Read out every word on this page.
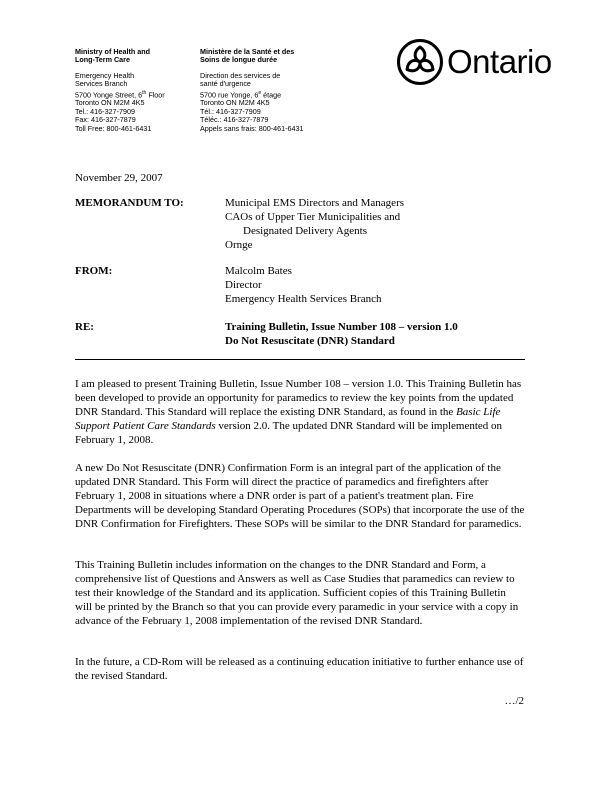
Ministry of Health and
Long-Term Care
Emergency Health
Services Branch
5700 Yonge Street, 6th Floor
Toronto ON M2M 4K5
Tel.: 416-327-7909
Fax: 416-327-7879
Toll Free: 800-461-6431
Ministère de la Santé et des
Soins de longue durée
Direction des services de
santé d'urgence
5700 rue Yonge, 6e étage
Toronto ON M2M 4K5
Tél.: 416-327-7909
Téléc.: 416-327-7879
Appels sans frais: 800-461-6431
Ontario
November 29, 2007
MEMORANDUM TO:	Municipal EMS Directors and Managers
CAOs of Upper Tier Municipalities and
Designated Delivery Agents
Ornge
FROM:	Malcolm Bates
Director
Emergency Health Services Branch
RE:	Training Bulletin, Issue Number 108 – version 1.0
Do Not Resuscitate (DNR) Standard
I am pleased to present Training Bulletin, Issue Number 108 – version 1.0. This Training Bulletin has been developed to provide an opportunity for paramedics to review the key points from the updated DNR Standard. This Standard will replace the existing DNR Standard, as found in the Basic Life Support Patient Care Standards version 2.0. The updated DNR Standard will be implemented on February 1, 2008.
A new Do Not Resuscitate (DNR) Confirmation Form is an integral part of the application of the updated DNR Standard. This Form will direct the practice of paramedics and firefighters after February 1, 2008 in situations where a DNR order is part of a patient's treatment plan. Fire Departments will be developing Standard Operating Procedures (SOPs) that incorporate the use of the DNR Confirmation for Firefighters. These SOPs will be similar to the DNR Standard for paramedics.
This Training Bulletin includes information on the changes to the DNR Standard and Form, a comprehensive list of Questions and Answers as well as Case Studies that paramedics can review to test their knowledge of the Standard and its application. Sufficient copies of this Training Bulletin will be printed by the Branch so that you can provide every paramedic in your service with a copy in advance of the February 1, 2008 implementation of the revised DNR Standard.
In the future, a CD-Rom will be released as a continuing education initiative to further enhance use of the revised Standard.
…/2
